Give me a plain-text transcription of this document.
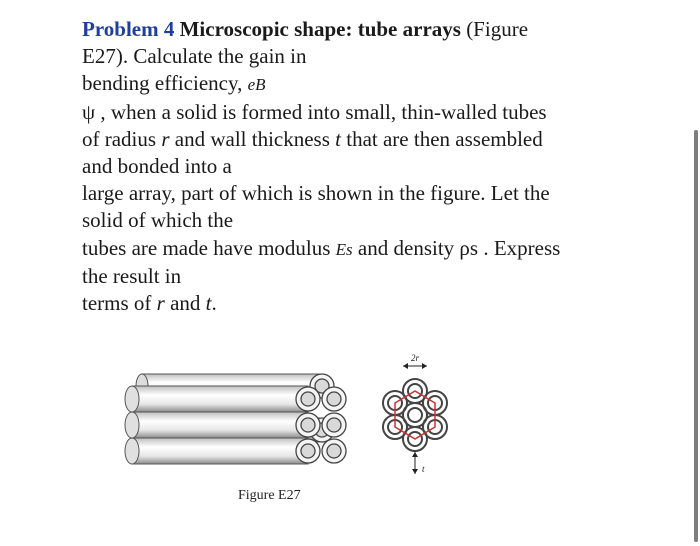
Problem 4 Microscopic shape: tube arrays (Figure
E27). Calculate the gain in
bending efficiency, eB
ψ , when a solid is formed into small, thin-walled tubes
of radius r and wall thickness t that are then assembled
and bonded into a
large array, part of which is shown in the figure. Let the
solid of which the
tubes are made have modulus Es and density ρs . Express
the result in
terms of r and t.
2r
t
Figure E27
